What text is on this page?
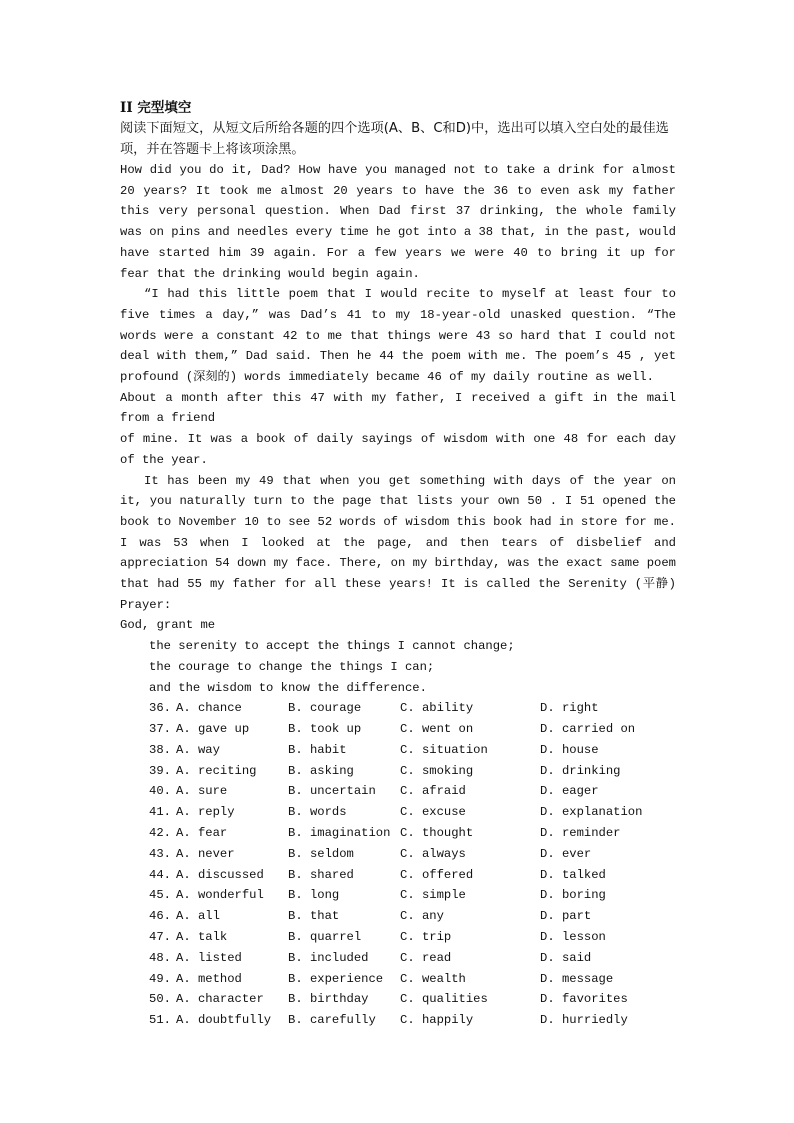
II 完型填空
阅读下面短文，从短文后所给各题的四个选项(A、B、C和D)中，选出可以填入空白处的最佳选项，并在答题卡上将该项涂黑。
How did you do it, Dad? How have you managed not to take a drink for almost 20 years? It took me almost 20 years to have the 36 to even ask my father this very personal question. When Dad first 37 drinking, the whole family was on pins and needles every time he got into a 38 that, in the past, would have started him 39 again. For a few years we were 40 to bring it up for fear that the drinking would begin again.
“I had this little poem that I would recite to myself at least four to five times a day,” was Dad’s 41 to my 18-year-old unasked question. “The words were a constant 42 to me that things were 43 so hard that I could not deal with them,” Dad said. Then he 44 the poem with me. The poem’s 45 , yet profound (深刻的) words immediately became 46 of my daily routine as well.
About a month after this 47 with my father, I received a gift in the mail from a friend
of mine. It was a book of daily sayings of wisdom with one 48 for each day of the year.
It has been my 49 that when you get something with days of the year on it, you naturally turn to the page that lists your own 50 . I 51 opened the book to November 10 to see 52 words of wisdom this book had in store for me. I was 53 when I looked at the page, and then tears of disbelief and appreciation 54 down my face. There, on my birthday, was the exact same poem that had 55 my father for all these years! It is called the Serenity (平静) Prayer:
God, grant me
the serenity to accept the things I cannot change;
the courage to change the things I can;
and the wisdom to know the difference.
36. A. chance	B. courage	C. ability	D. right
37. A. gave up	B. took up	C. went on	D. carried on
38. A. way	B. habit	C. situation	D. house
39. A. reciting	B. asking	C. smoking	D. drinking
40. A. sure	B. uncertain	C. afraid	D. eager
41. A. reply	B. words	C. excuse	D. explanation
42. A. fear	B. imagination C. thought	D. reminder
43. A. never	B. seldom	C. always	D. ever
44. A. discussed	B. shared	C. offered	D. talked
45. A. wonderful	B. long	C. simple	D. boring
46. A. all	B. that	C. any	D. part
47. A. talk	B. quarrel	C. trip	D. lesson
48. A. listed	B. included	C. read	D. said
49. A. method	B. experience	C. wealth	D. message
50. A. character	B. birthday	C. qualities	D. favorites
51. A. doubtfully	B. carefully	C. happily	D. hurriedly
